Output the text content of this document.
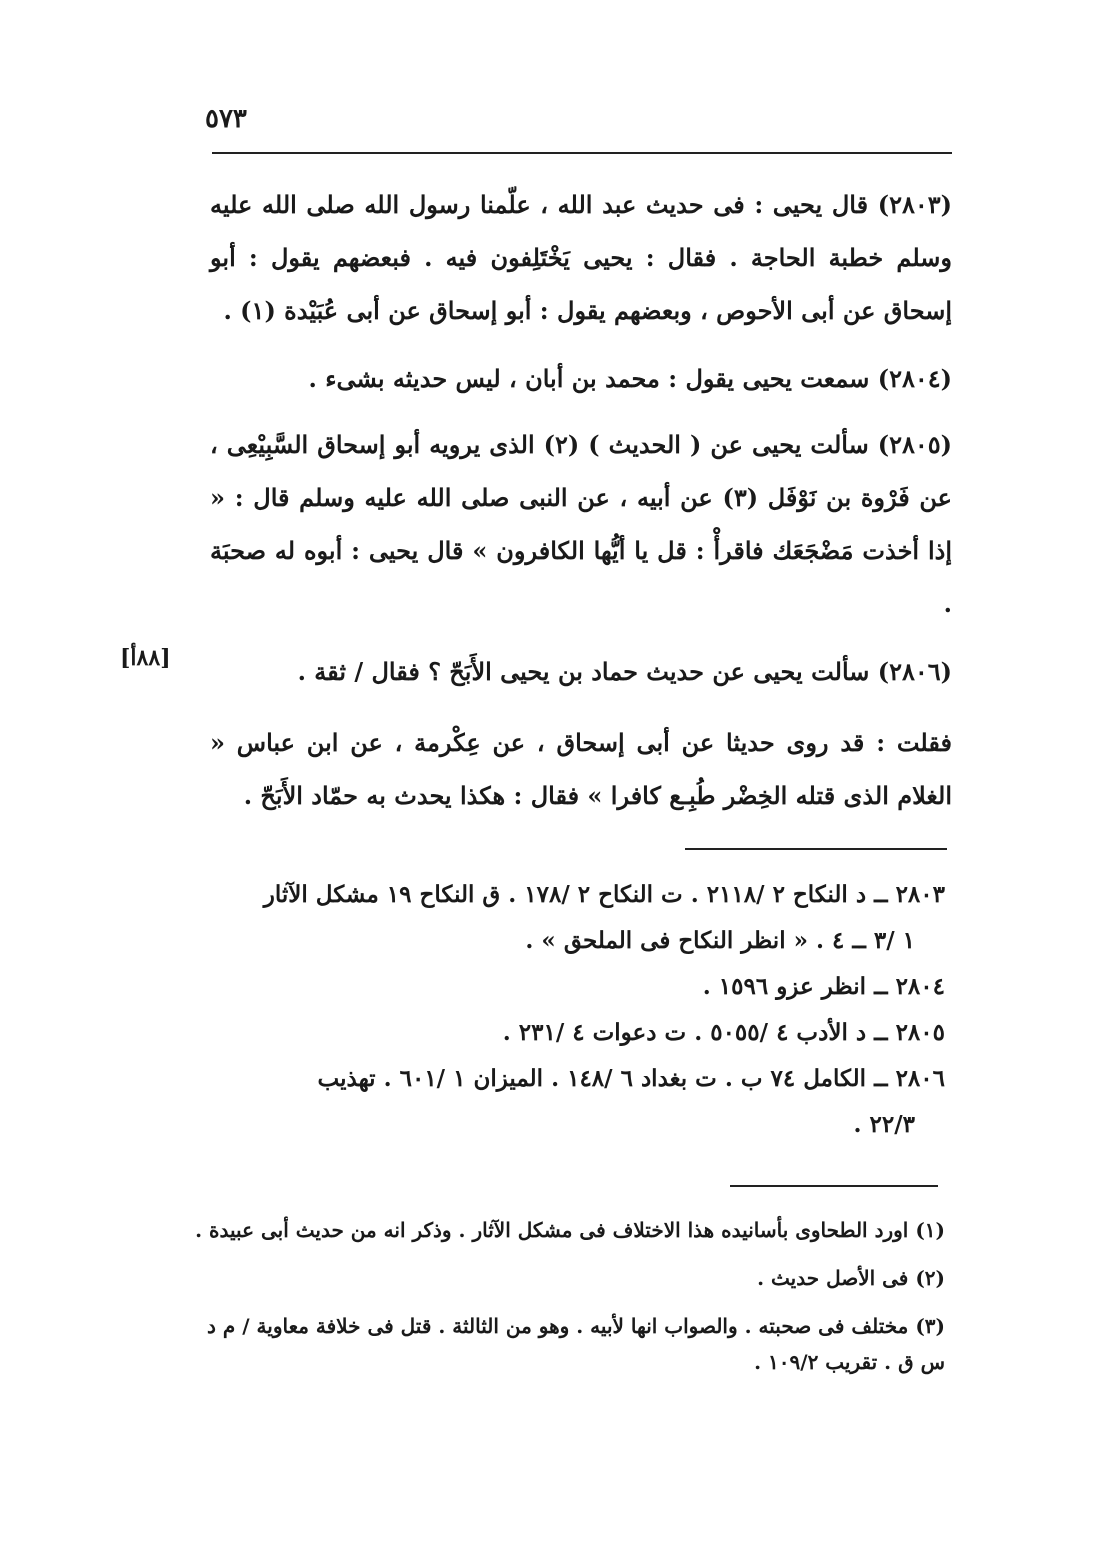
٥٧٣
(٢٨٠٣) قال يحيى : فى حديث عبد الله ، علّمنا رسول الله صلى الله عليه وسلم خطبة الحاجة . فقال : يحيى يَخْتَلِفون فيه . فبعضهم يقول : أبو إسحاق عن أبى الأحوص ، وبعضهم يقول : أبو إسحاق عن أبى عُبَيْدة (١) .
(٢٨٠٤) سمعت يحيى يقول : محمد بن أبان ، ليس حديثه بشىء .
(٢٨٠٥) سألت يحيى عن ( الحديث ) (٢) الذى يرويه أبو إسحاق السَّبِيْعِى ، عن فَرْوة بن نَوْفَل (٣) عن أبيه ، عن النبى صلى الله عليه وسلم قال : « إذا أخذت مَضْجَعَك فاقرأْ : قل يا أيُّها الكافرون » قال يحيى : أبوه له صحبَة .
(٢٨٠٦) سألت يحيى عن حديث حماد بن يحيى الأَبَحّ ؟ فقال / ثقة .
[٨٨أ]
فقلت : قد روى حديثا عن أبى إسحاق ، عن عِكْرمة ، عن ابن عباس « الغلام الذى قتله الخِضْر طُبِـع كافرا » فقال : هكذا يحدث به حمّاد الأَبَحّ .

٢٨٠٣ ــ د النكاح ٢ /٢١١٨ . ت النكاح ٢ /١٧٨ . ق النكاح ١٩ مشكل الآثار

١ /٣ ــ ٤ . « انظر النكاح فى الملحق » .

٢٨٠٤ ــ انظر عزو ١٥٩٦ .

٢٨٠٥ ــ د الأدب ٤ /٥٠٥٥ . ت دعوات ٤ /٢٣١ .

٢٨٠٦ ــ الكامل ٧٤ ب . ت بغداد ٦ /١٤٨ . الميزان ١ /٦٠١ . تهذيب

٢٢/٣ .

(١) اورد الطحاوى بأسانيده هذا الاختلاف فى مشكل الآثار . وذكر انه من حديث أبى عبيدة .

(٢) فى الأصل حديث .

(٣) مختلف فى صحبته . والصواب انها لأبيه . وهو من الثالثة . قتل فى خلافة معاوية / م د س ق . تقريب ١٠٩/٢ .
